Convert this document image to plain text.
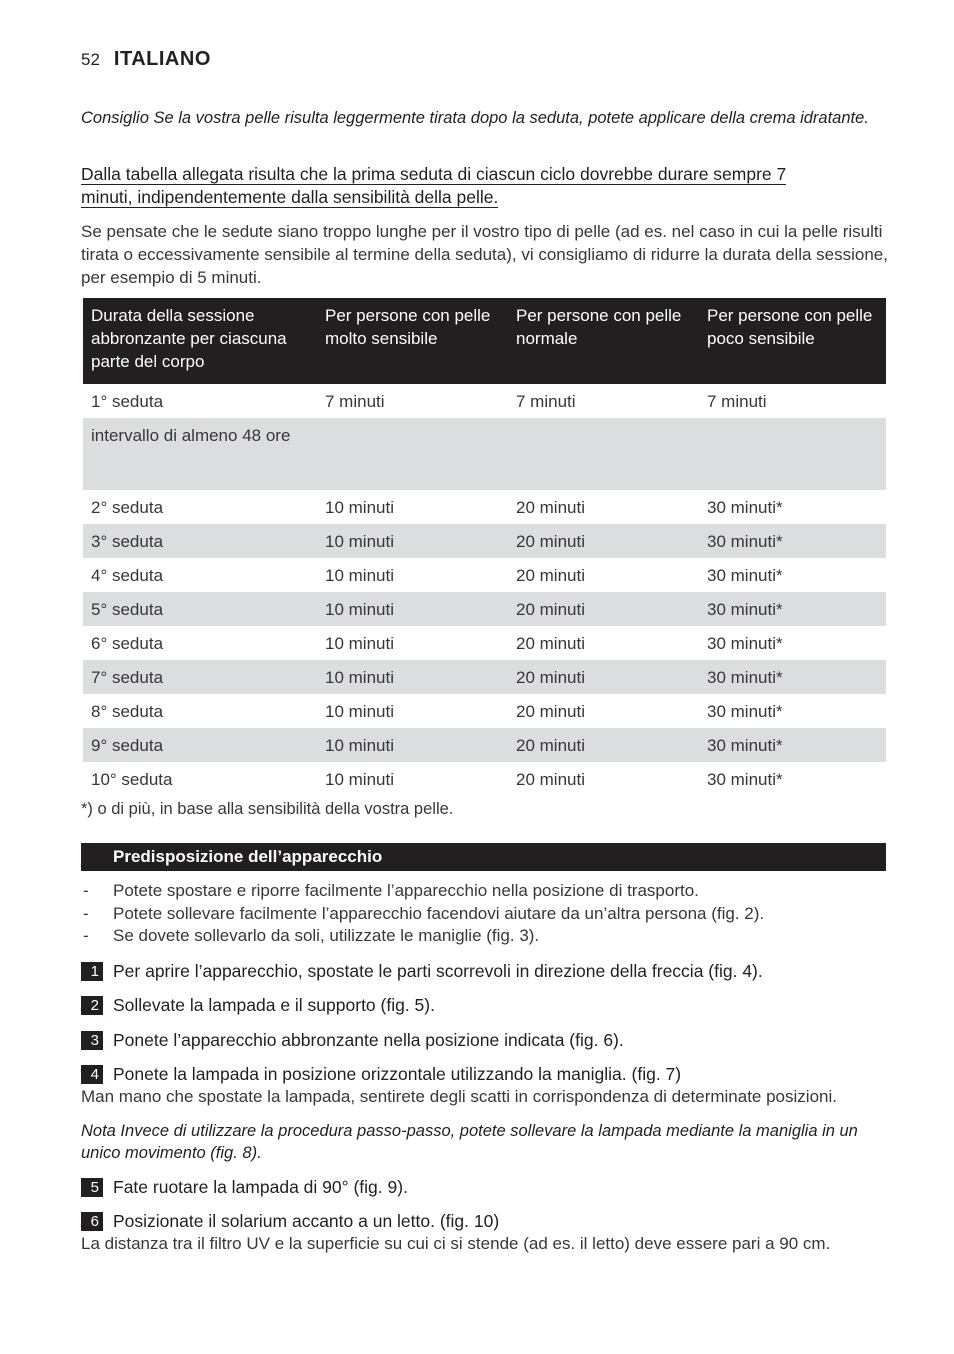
52 ITALIANO

Consiglio Se la vostra pelle risulta leggermente tirata dopo la seduta, potete applicare della crema idratante.

Dalla tabella allegata risulta che la prima seduta di ciascun ciclo dovrebbe durare sempre 7 minuti, indipendentemente dalla sensibilità della pelle.

Se pensate che le sedute siano troppo lunghe per il vostro tipo di pelle (ad es. nel caso in cui la pelle risulti tirata o eccessivamente sensibile al termine della seduta), vi consigliamo di ridurre la durata della sessione, per esempio di 5 minuti.

Durata della sessione abbronzante per ciascuna parte del corpo	Per persone con pelle molto sensibile	Per persone con pelle normale	Per persone con pelle poco sensibile
1° seduta	7 minuti	7 minuti	7 minuti
intervallo di almeno 48 ore			
2° seduta	10 minuti	20 minuti	30 minuti*
3° seduta	10 minuti	20 minuti	30 minuti*
4° seduta	10 minuti	20 minuti	30 minuti*
5° seduta	10 minuti	20 minuti	30 minuti*
6° seduta	10 minuti	20 minuti	30 minuti*
7° seduta	10 minuti	20 minuti	30 minuti*
8° seduta	10 minuti	20 minuti	30 minuti*
9° seduta	10 minuti	20 minuti	30 minuti*
10° seduta	10 minuti	20 minuti	30 minuti*

*) o di più, in base alla sensibilità della vostra pelle.

Predisposizione dell’apparecchio
- Potete spostare e riporre facilmente l’apparecchio nella posizione di trasporto.
- Potete sollevare facilmente l’apparecchio facendovi aiutare da un’altra persona (fig. 2).
- Se dovete sollevarlo da soli, utilizzate le maniglie (fig. 3).
1 Per aprire l’apparecchio, spostate le parti scorrevoli in direzione della freccia (fig. 4).
2 Sollevate la lampada e il supporto (fig. 5).
3 Ponete l’apparecchio abbronzante nella posizione indicata (fig. 6).
4 Ponete la lampada in posizione orizzontale utilizzando la maniglia. (fig. 7)
Man mano che spostate la lampada, sentirete degli scatti in corrispondenza di determinate posizioni.

Nota Invece di utilizzare la procedura passo-passo, potete sollevare la lampada mediante la maniglia in un unico movimento (fig. 8).

5 Fate ruotare la lampada di 90° (fig. 9).
6 Posizionate il solarium accanto a un letto. (fig. 10)
La distanza tra il filtro UV e la superficie su cui ci si stende (ad es. il letto) deve essere pari a 90 cm.
